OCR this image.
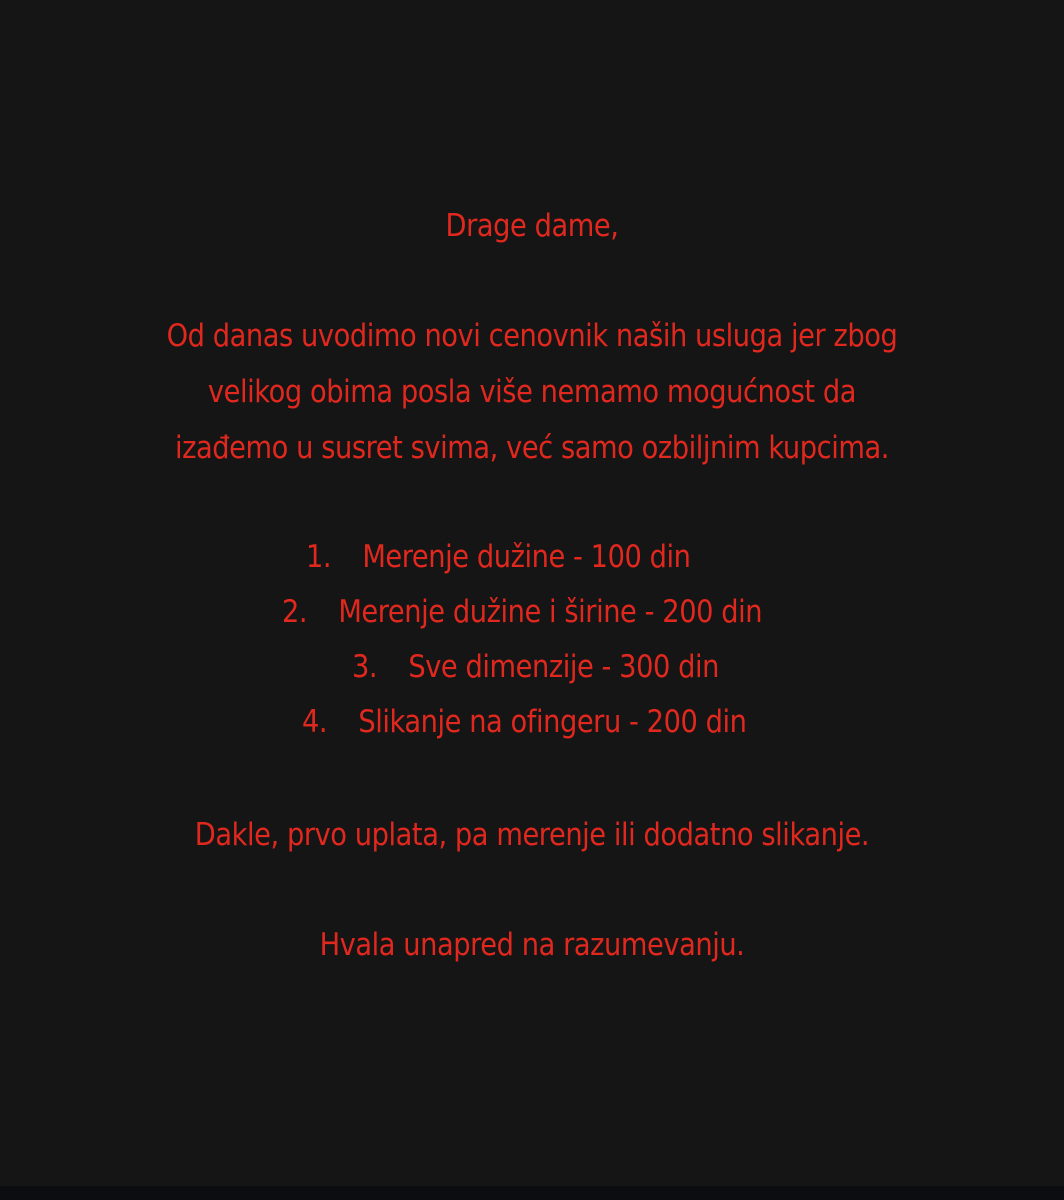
Drage dame,
Od danas uvodimo novi cenovnik naših usluga jer zbog
velikog obima posla više nemamo mogućnost da
izađemo u susret svima, već samo ozbiljnim kupcima.
1. Merenje dužine - 100 din
2. Merenje dužine i širine - 200 din
3. Sve dimenzije - 300 din
4. Slikanje na ofingeru - 200 din
Dakle, prvo uplata, pa merenje ili dodatno slikanje.
Hvala unapred na razumevanju.
